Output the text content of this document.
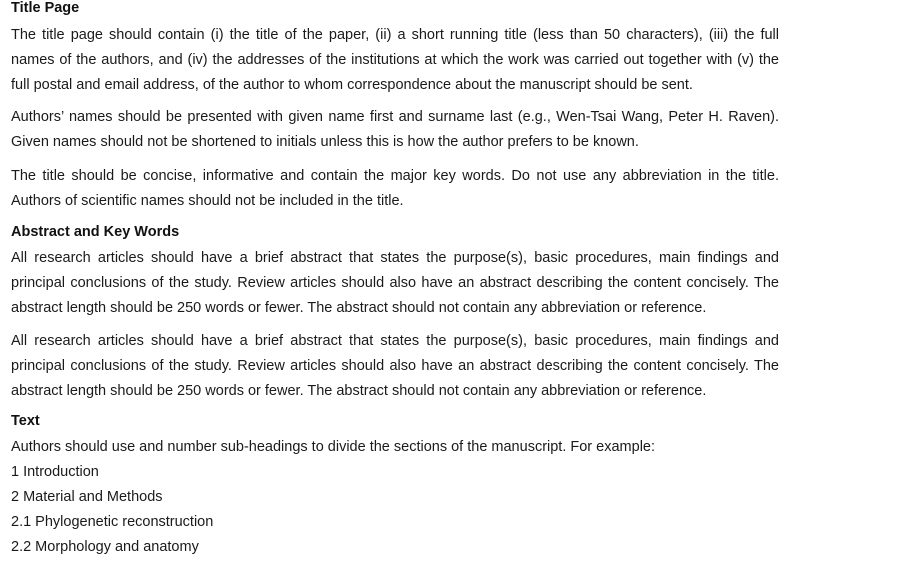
Title Page

The title page should contain (i) the title of the paper, (ii) a short running title (less than 50 characters), (iii) the full names of the authors, and (iv) the addresses of the institutions at which the work was carried out together with (v) the full postal and email address, of the author to whom correspondence about the manuscript should be sent.

Authors’ names should be presented with given name first and surname last (e.g., Wen-Tsai Wang, Peter H. Raven). Given names should not be shortened to initials unless this is how the author prefers to be known.

The title should be concise, informative and contain the major key words. Do not use any abbreviation in the title. Authors of scientific names should not be included in the title.

Abstract and Key Words

All research articles should have a brief abstract that states the purpose(s), basic procedures, main findings and principal conclusions of the study. Review articles should also have an abstract describing the content concisely. The abstract length should be 250 words or fewer. The abstract should not contain any abbreviation or reference.

All research articles should have a brief abstract that states the purpose(s), basic procedures, main findings and principal conclusions of the study. Review articles should also have an abstract describing the content concisely. The abstract length should be 250 words or fewer. The abstract should not contain any abbreviation or reference.

Text

Authors should use and number sub-headings to divide the sections of the manuscript. For example:

1 Introduction

2 Material and Methods

2.1 Phylogenetic reconstruction

2.2 Morphology and anatomy
